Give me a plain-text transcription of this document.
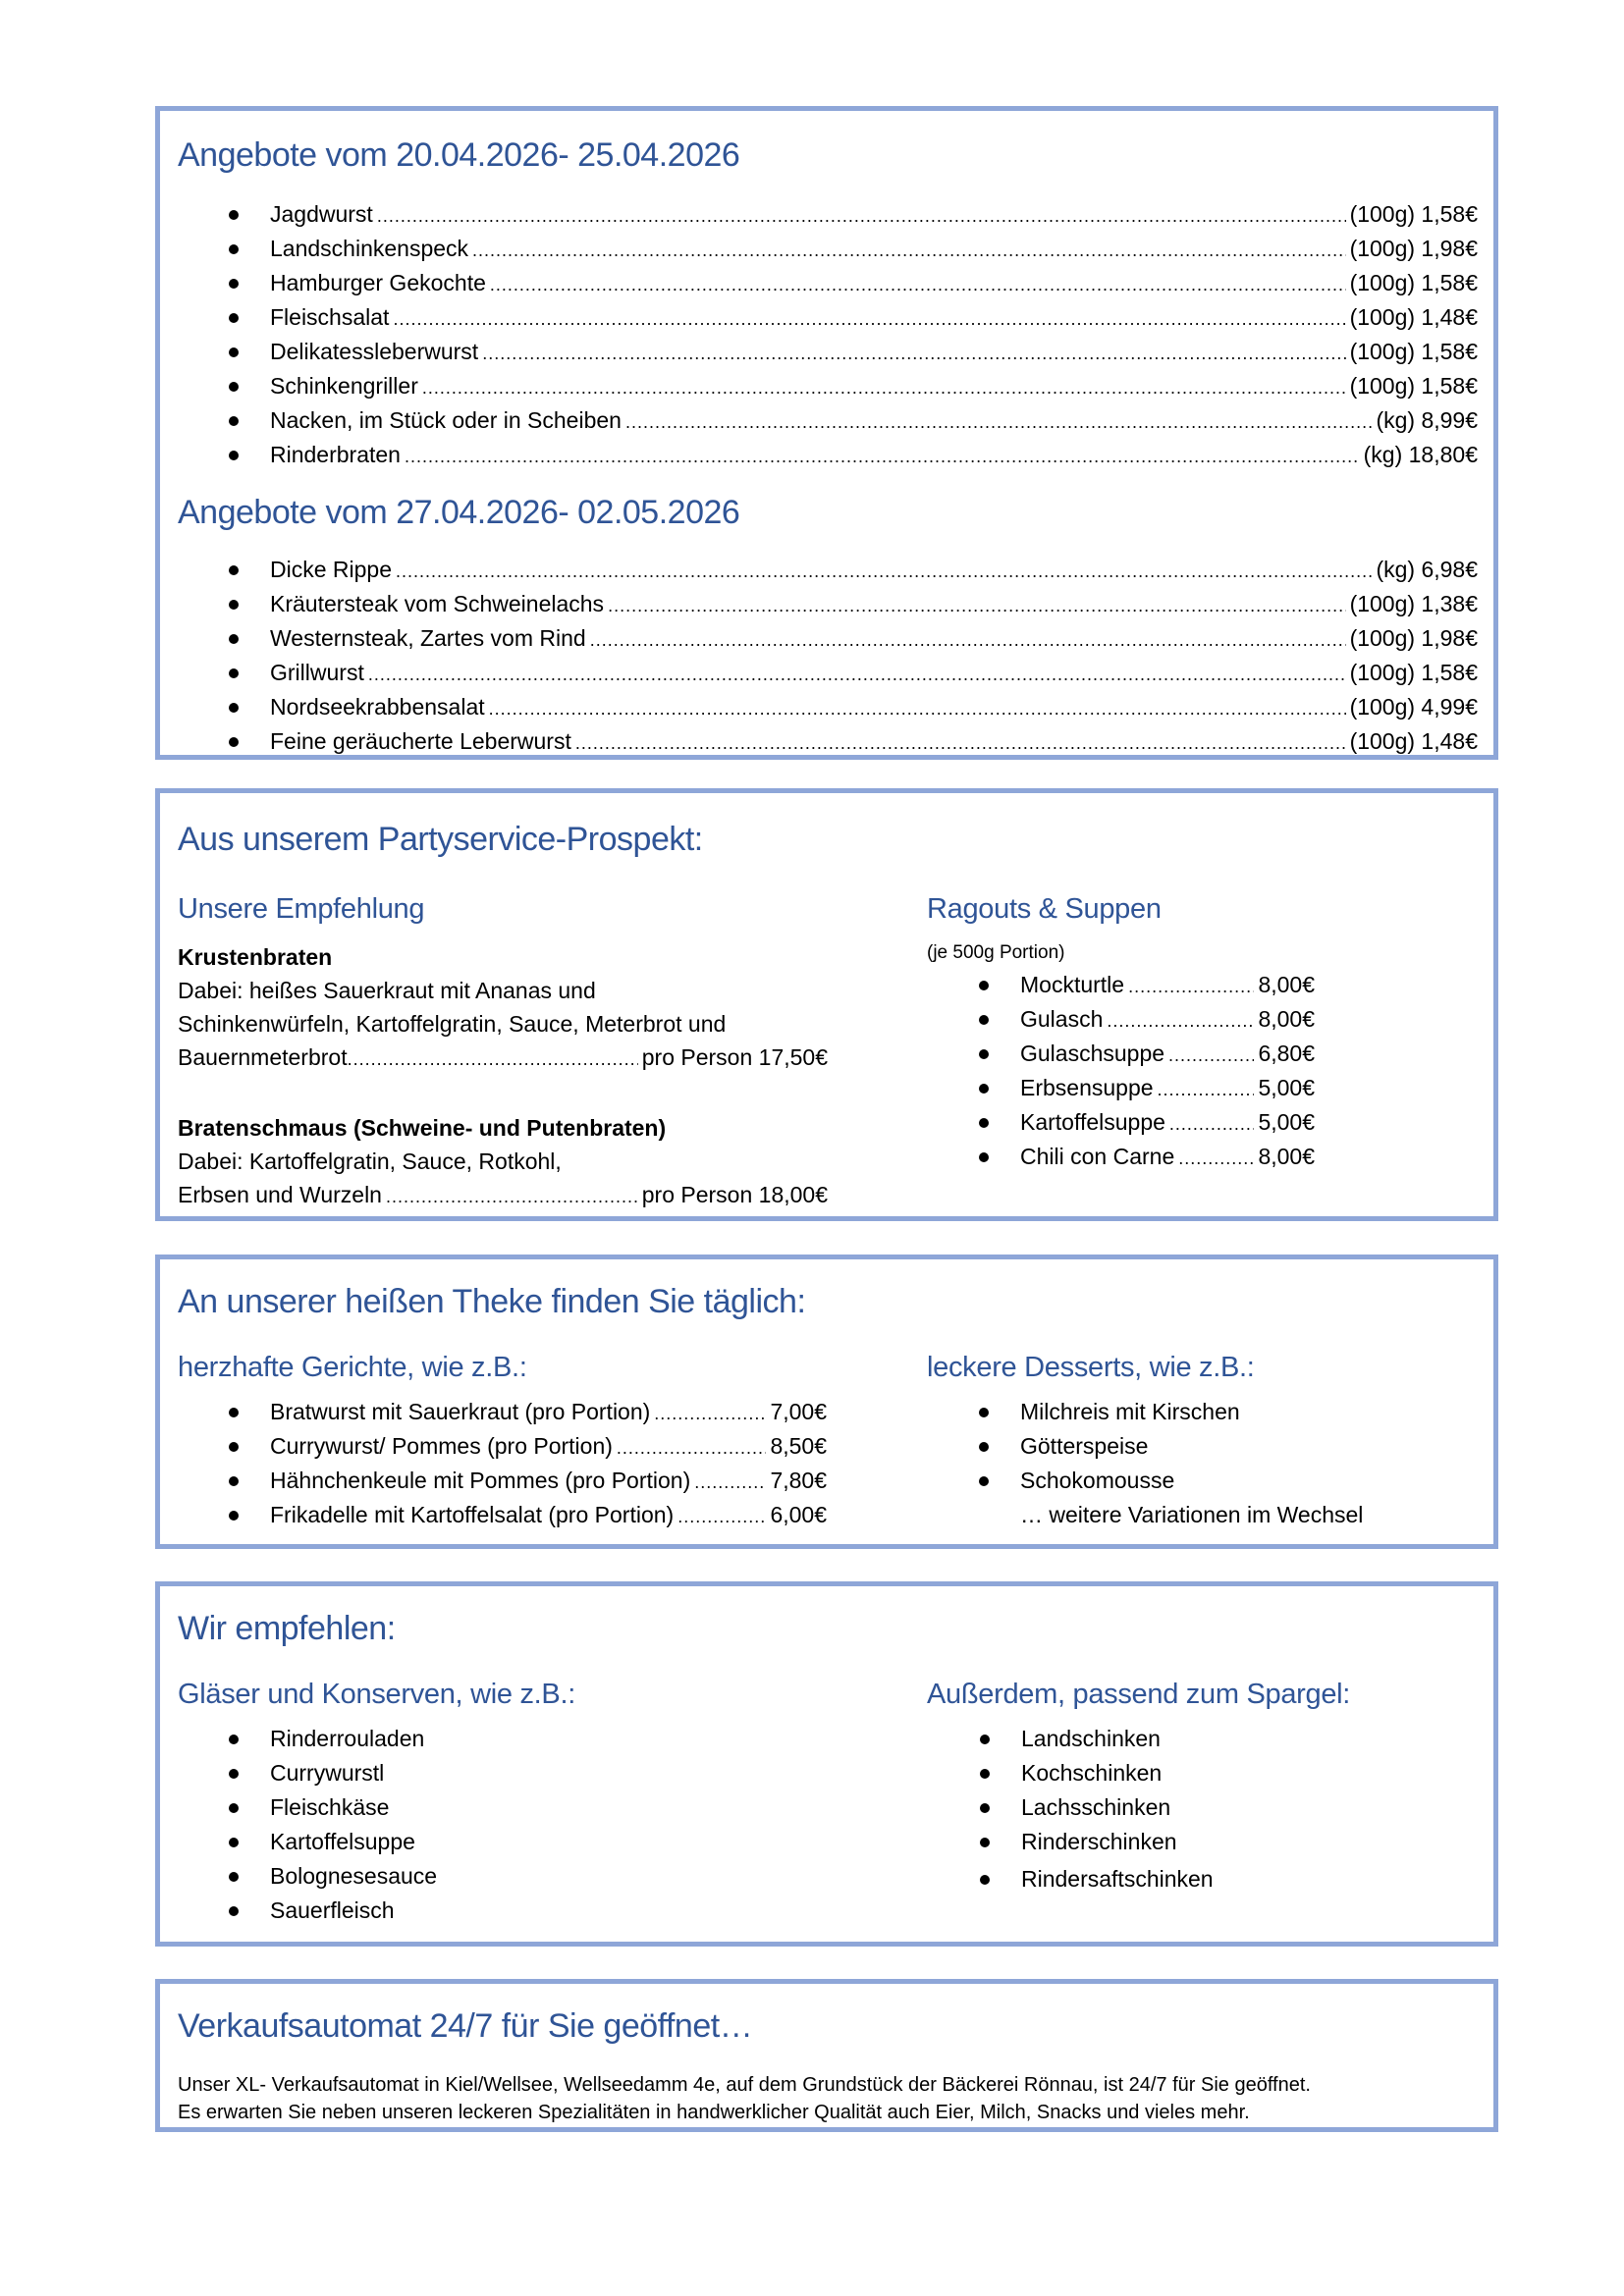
Angebote vom 20.04.2026- 25.04.2026
Jagdwurst .....	(100g) 1,58€
Landschinkenspeck .....	(100g) 1,98€
Hamburger Gekochte .....	(100g) 1,58€
Fleischsalat .....	(100g) 1,48€
Delikatessleberwurst .....	(100g) 1,58€
Schinkengriller .....	(100g) 1,58€
Nacken, im Stück oder in Scheiben .....	(kg) 8,99€
Rinderbraten .....	(kg) 18,80€
Angebote vom 27.04.2026- 02.05.2026
Dicke Rippe .....	(kg) 6,98€
Kräutersteak vom Schweinelachs .....	(100g) 1,38€
Westernsteak, Zartes vom Rind .....	(100g) 1,98€
Grillwurst .....	(100g) 1,58€
Nordseekrabbensalat .....	(100g) 4,99€
Feine geräucherte Leberwurst .....	(100g) 1,48€
Aus unserem Partyservice-Prospekt:
Unsere Empfehlung
Krustenbraten
Dabei: heißes Sauerkraut mit Ananas und
Schinkenwürfeln, Kartoffelgratin, Sauce, Meterbrot und
Bauernmeterbrot .....	pro Person 17,50€
Bratenschmaus (Schweine- und Putenbraten)
Dabei: Kartoffelgratin, Sauce, Rotkohl,
Erbsen und Wurzeln .....	pro Person 18,00€
Ragouts & Suppen
(je 500g Portion)
Mockturtle .....	8,00€
Gulasch .....	8,00€
Gulaschsuppe .....	6,80€
Erbsensuppe .....	5,00€
Kartoffelsuppe .....	5,00€
Chili con Carne .....	8,00€
An unserer heißen Theke finden Sie täglich:
herzhafte Gerichte, wie z.B.:
Bratwurst mit Sauerkraut (pro Portion) .....	7,00€
Currywurst/ Pommes (pro Portion) .....	8,50€
Hähnchenkeule mit Pommes (pro Portion) .....	7,80€
Frikadelle mit Kartoffelsalat (pro Portion) .....	6,00€
leckere Desserts, wie z.B.:
Milchreis mit Kirschen
Götterspeise
Schokomousse
… weitere Variationen im Wechsel
Wir empfehlen:
Gläser und Konserven, wie z.B.:
Rinderrouladen
Currywurstl
Fleischkäse
Kartoffelsuppe
Bolognesesauce
Sauerfleisch
Außerdem, passend zum Spargel:
Landschinken
Kochschinken
Lachsschinken
Rinderschinken
Rindersaftschinken
Verkaufsautomat 24/7 für Sie geöffnet…
Unser XL- Verkaufsautomat in Kiel/Wellsee, Wellseedamm 4e, auf dem Grundstück der Bäckerei Rönnau, ist 24/7 für Sie geöffnet.
Es erwarten Sie neben unseren leckeren Spezialitäten in handwerklicher Qualität auch Eier, Milch, Snacks und vieles mehr.
